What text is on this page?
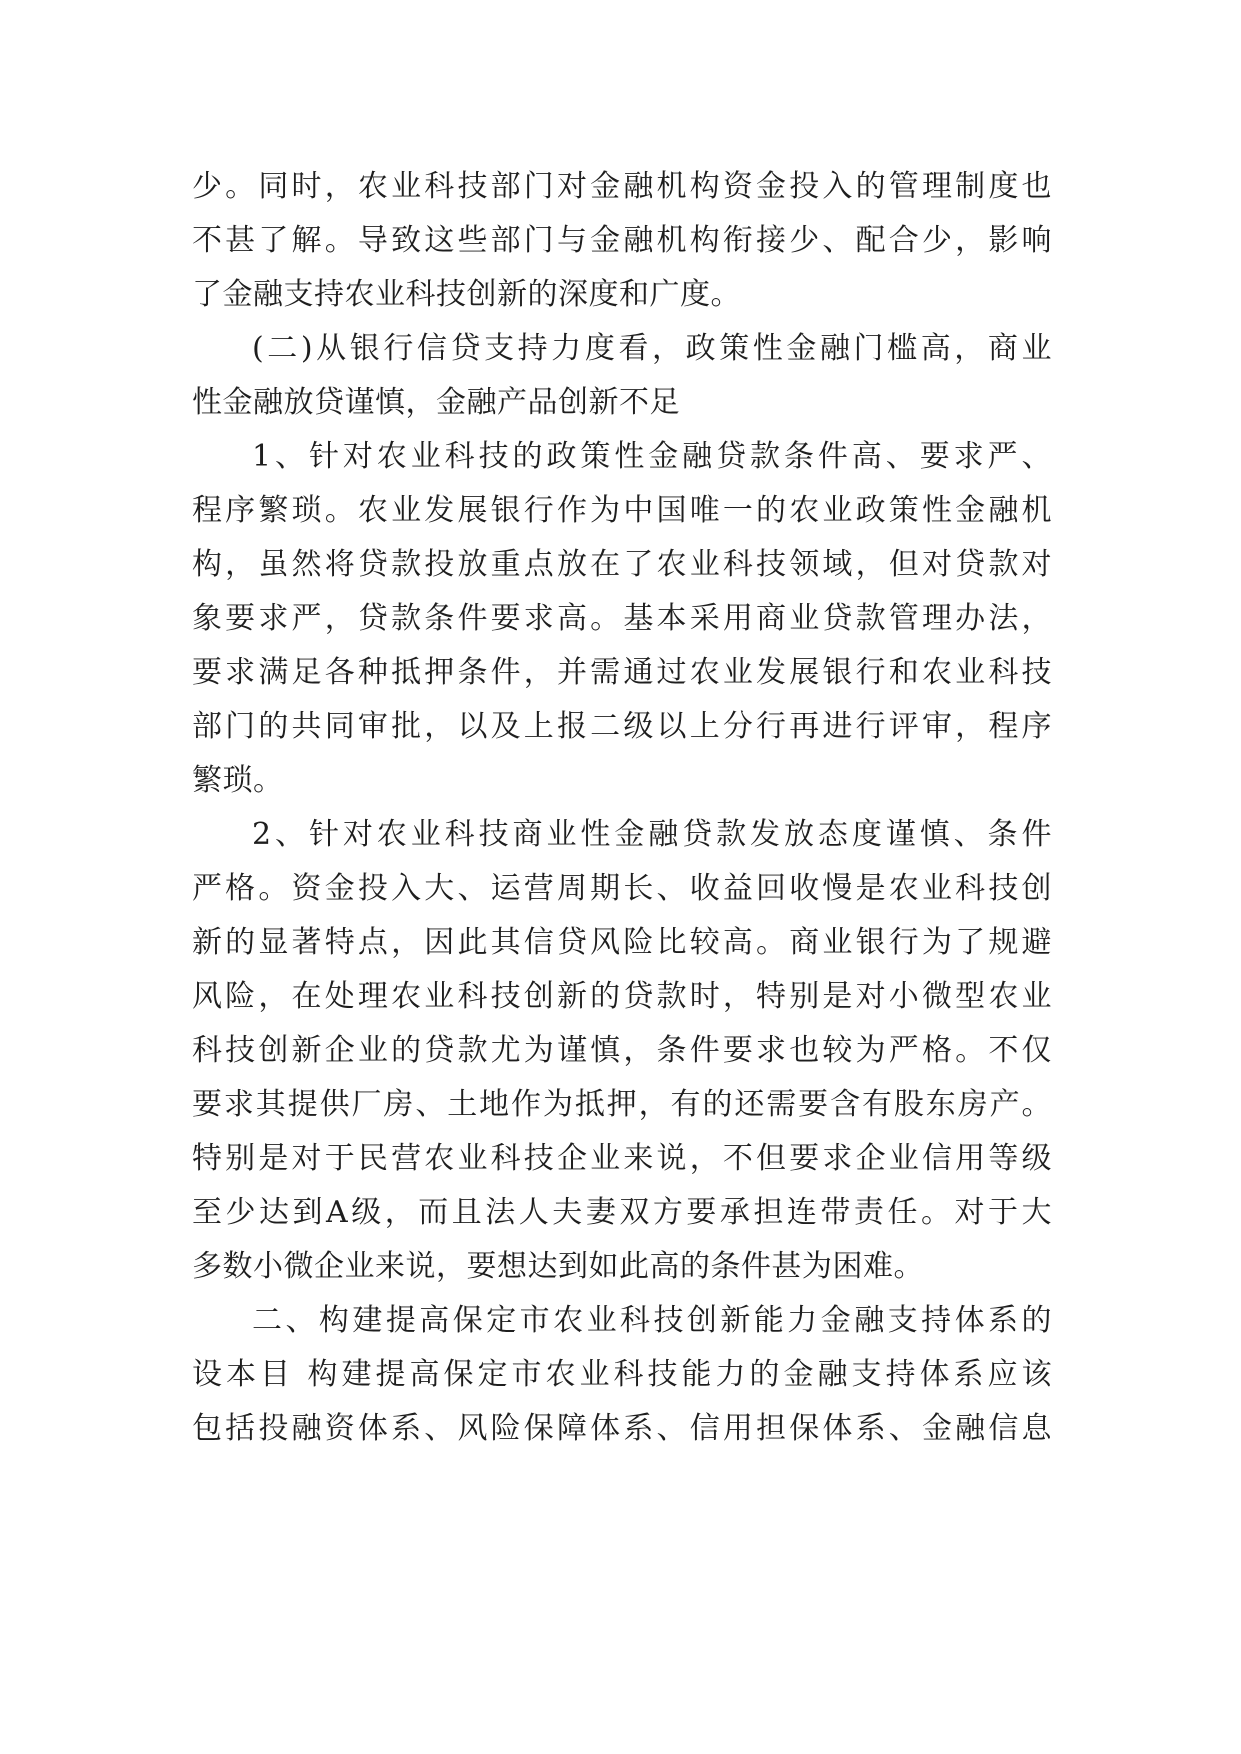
少。同时，农业科技部门对金融机构资金投入的管理制度也
不甚了解。导致这些部门与金融机构衔接少、配合少，影响
了金融支持农业科技创新的深度和广度。
(二)从银行信贷支持力度看，政策性金融门槛高，商业
性金融放贷谨慎，金融产品创新不足
1、针对农业科技的政策性金融贷款条件高、要求严、
程序繁琐。农业发展银行作为中国唯一的农业政策性金融机
构，虽然将贷款投放重点放在了农业科技领域，但对贷款对
象要求严，贷款条件要求高。基本采用商业贷款管理办法，
要求满足各种抵押条件，并需通过农业发展银行和农业科技
部门的共同审批，以及上报二级以上分行再进行评审，程序
繁琐。
2、针对农业科技商业性金融贷款发放态度谨慎、条件
严格。资金投入大、运营周期长、收益回收慢是农业科技创
新的显著特点，因此其信贷风险比较高。商业银行为了规避
风险，在处理农业科技创新的贷款时，特别是对小微型农业
科技创新企业的贷款尤为谨慎，条件要求也较为严格。不仅
要求其提供厂房、土地作为抵押，有的还需要含有股东房产。
特别是对于民营农业科技企业来说，不但要求企业信用等级
至少达到A级，而且法人夫妻双方要承担连带责任。对于大
多数小微企业来说，要想达到如此高的条件甚为困难。
二、构建提高保定市农业科技创新能力金融支持体系的
设本目 构建提高保定市农业科技能力的金融支持体系应该
包括投融资体系、风险保障体系、信用担保体系、金融信息
